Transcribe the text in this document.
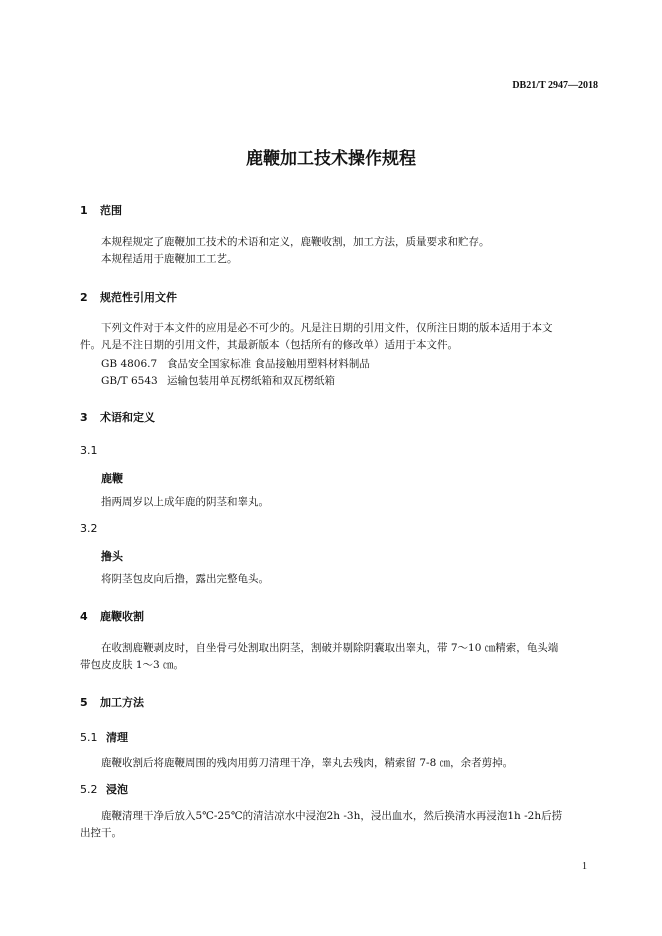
DB21/T 2947—2018
鹿鞭加工技术操作规程
1 范围
本规程规定了鹿鞭加工技术的术语和定义，鹿鞭收割，加工方法，质量要求和贮存。
本规程适用于鹿鞭加工工艺。
2 规范性引用文件
下列文件对于本文件的应用是必不可少的。凡是注日期的引用文件，仅所注日期的版本适用于本文
件。凡是不注日期的引用文件，其最新版本（包括所有的修改单）适用于本文件。
GB 4806.7 食品安全国家标准 食品接触用塑料材料制品
GB/T 6543 运输包装用单瓦楞纸箱和双瓦楞纸箱
3 术语和定义
3.1
鹿鞭
指两周岁以上成年鹿的阴茎和睾丸。
3.2
撸头
将阴茎包皮向后撸，露出完整龟头。
4 鹿鞭收割
在收割鹿鞭剥皮时，自坐骨弓处割取出阴茎，割破并剔除阴囊取出睾丸，带 7～10 ㎝精索，龟头端
带包皮皮肤 1～3 ㎝。
5 加工方法
5.1 清理
鹿鞭收割后将鹿鞭周围的残肉用剪刀清理干净，睾丸去残肉，精索留 7-8 ㎝，余者剪掉。
5.2 浸泡
鹿鞭清理干净后放入5℃-25℃的清洁凉水中浸泡2h -3h，浸出血水，然后换清水再浸泡1h -2h后捞
出控干。
1
